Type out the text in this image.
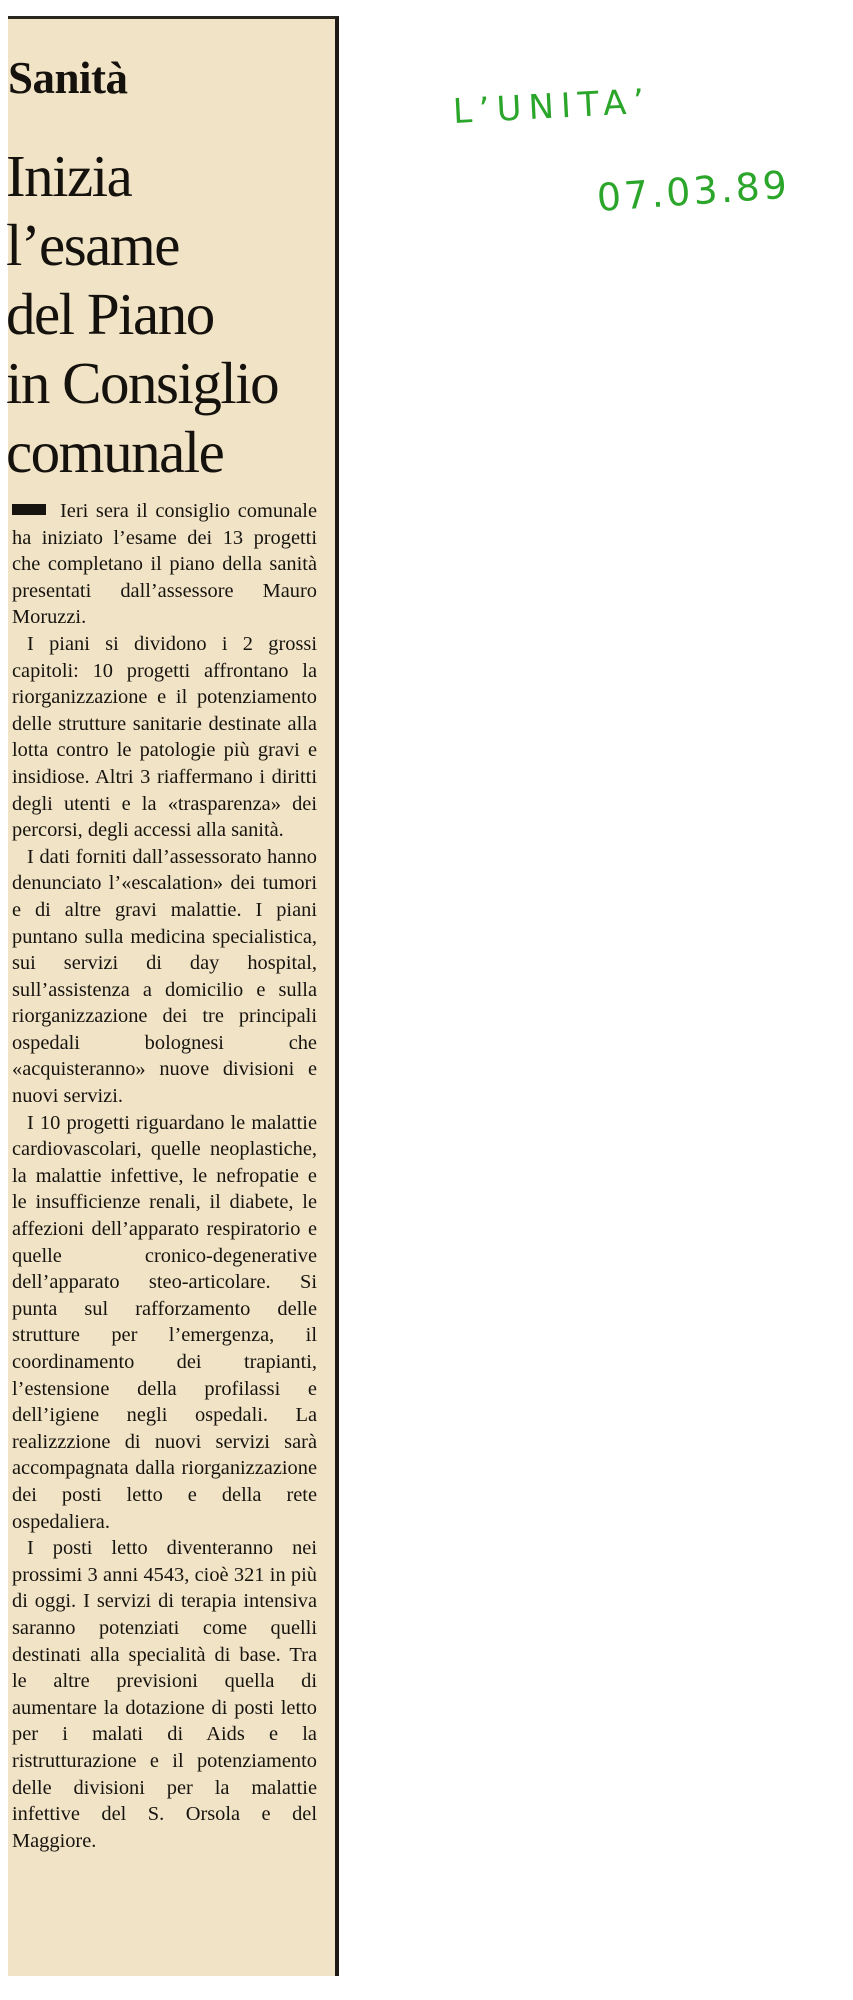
Sanità
Inizia
l’esame
del Piano
in Consiglio
comunale

Ieri sera il consiglio comunale ha iniziato l’esame dei 13 progetti che completano il piano della sanità presentati dall’assessore Mauro Moruzzi.

I piani si dividono i 2 grossi capitoli: 10 progetti affrontano la riorganizzazione e il potenziamento delle strutture sanitarie destinate alla lotta contro le patologie più gravi e insidiose. Altri 3 riaffermano i diritti degli utenti e la «trasparenza» dei percorsi, degli accessi alla sanità.

I dati forniti dall’assessorato hanno denunciato l’«escalation» dei tumori e di altre gravi malattie. I piani puntano sulla medicina specialistica, sui servizi di day hospital, sull’assistenza a domicilio e sulla riorganizzazione dei tre principali ospedali bolognesi che «acquisteranno» nuove divisioni e nuovi servizi.

I 10 progetti riguardano le malattie cardiovascolari, quelle neoplastiche, la malattie infettive, le nefropatie e le insufficienze renali, il diabete, le affezioni dell’apparato respiratorio e quelle cronico-degenerative dell’apparato steo-articolare. Si punta sul rafforzamento delle strutture per l’emergenza, il coordinamento dei trapianti, l’estensione della profilassi e dell’igiene negli ospedali. La realizzzione di nuovi servizi sarà accompagnata dalla riorganizzazione dei posti letto e della rete ospedaliera.

I posti letto diventeranno nei prossimi 3 anni 4543, cioè 321 in più di oggi. I servizi di terapia intensiva saranno potenziati come quelli destinati alla specialità di base. Tra le altre previsioni quella di aumentare la dotazione di posti letto per i malati di Aids e la ristrutturazione e il potenziamento delle divisioni per la malattie infettive del S. Orsola e del Maggiore.

L’UNITA’
07.03.89
